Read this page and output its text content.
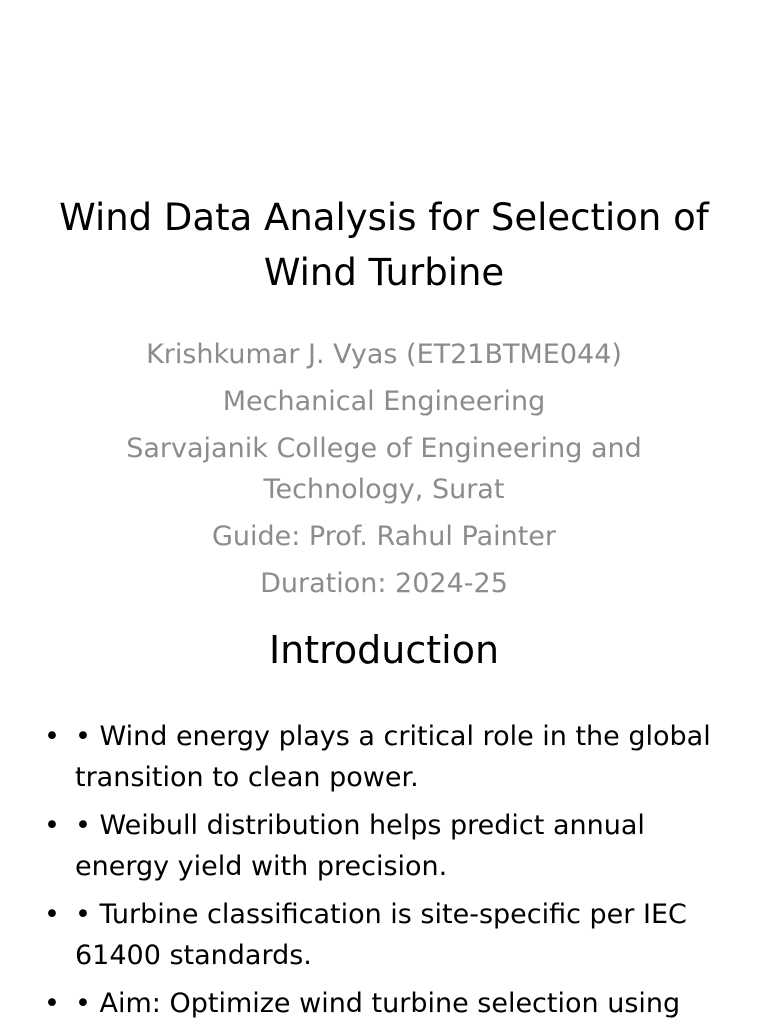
Wind Data Analysis for Selection of Wind Turbine
Krishkumar J. Vyas (ET21BTME044)
Mechanical Engineering
Sarvajanik College of Engineering and Technology, Surat
Guide: Prof. Rahul Painter
Duration: 2024-25
Introduction
• • Wind energy plays a critical role in the global transition to clean power.
• • Weibull distribution helps predict annual energy yield with precision.
• • Turbine classification is site-specific per IEC 61400 standards.
• • Aim: Optimize wind turbine selection using
